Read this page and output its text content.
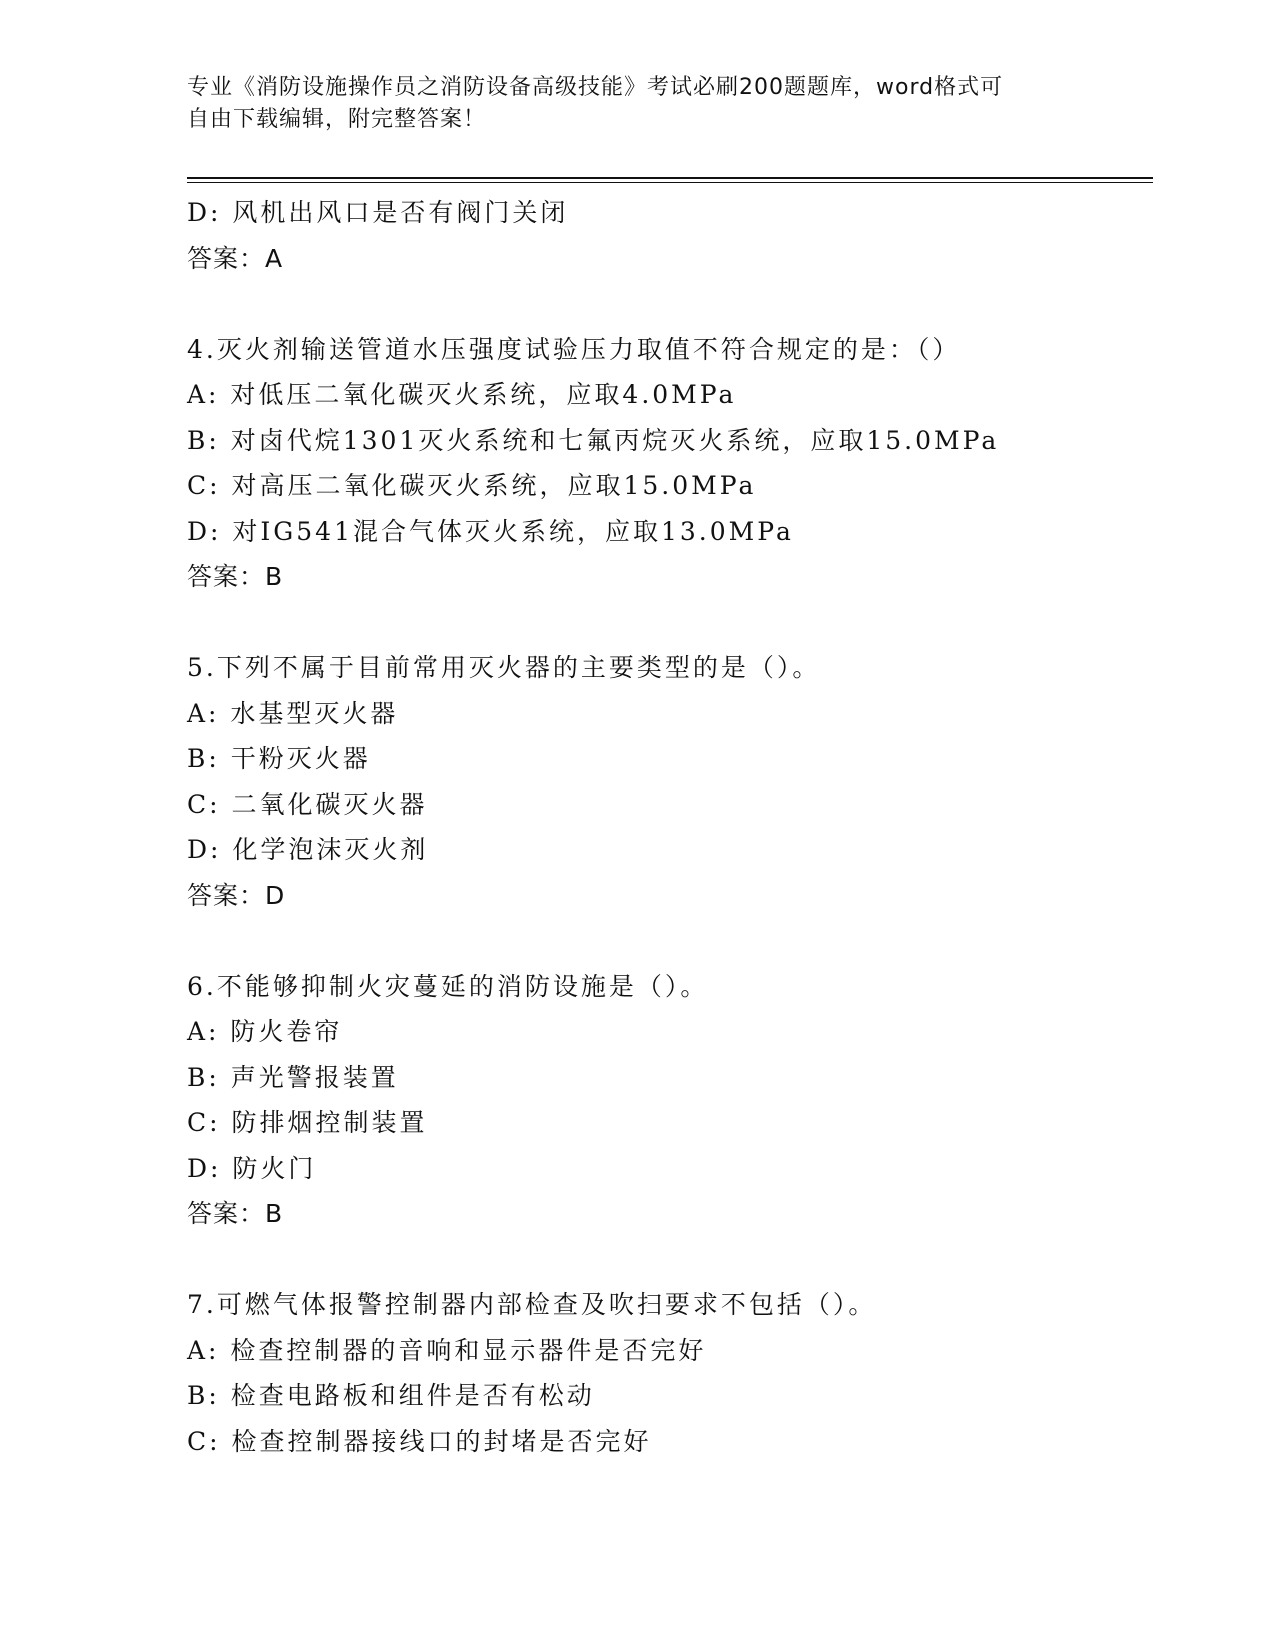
专业《消防设施操作员之消防设备高级技能》考试必刷200题题库，word格式可
自由下载编辑，附完整答案！
D: 风机出风口是否有阀门关闭
答案：A
4.灭火剂输送管道水压强度试验压力取值不符合规定的是：（）
A: 对低压二氧化碳灭火系统，应取4.0MPa
B: 对卤代烷1301灭火系统和七氟丙烷灭火系统，应取15.0MPa
C: 对高压二氧化碳灭火系统，应取15.0MPa
D: 对IG541混合气体灭火系统，应取13.0MPa
答案：B
5.下列不属于目前常用灭火器的主要类型的是（）。
A: 水基型灭火器
B: 干粉灭火器
C: 二氧化碳灭火器
D: 化学泡沫灭火剂
答案：D
6.不能够抑制火灾蔓延的消防设施是（）。
A: 防火卷帘
B: 声光警报装置
C: 防排烟控制装置
D: 防火门
答案：B
7.可燃气体报警控制器内部检查及吹扫要求不包括（）。
A: 检查控制器的音响和显示器件是否完好
B: 检查电路板和组件是否有松动
C: 检查控制器接线口的封堵是否完好
